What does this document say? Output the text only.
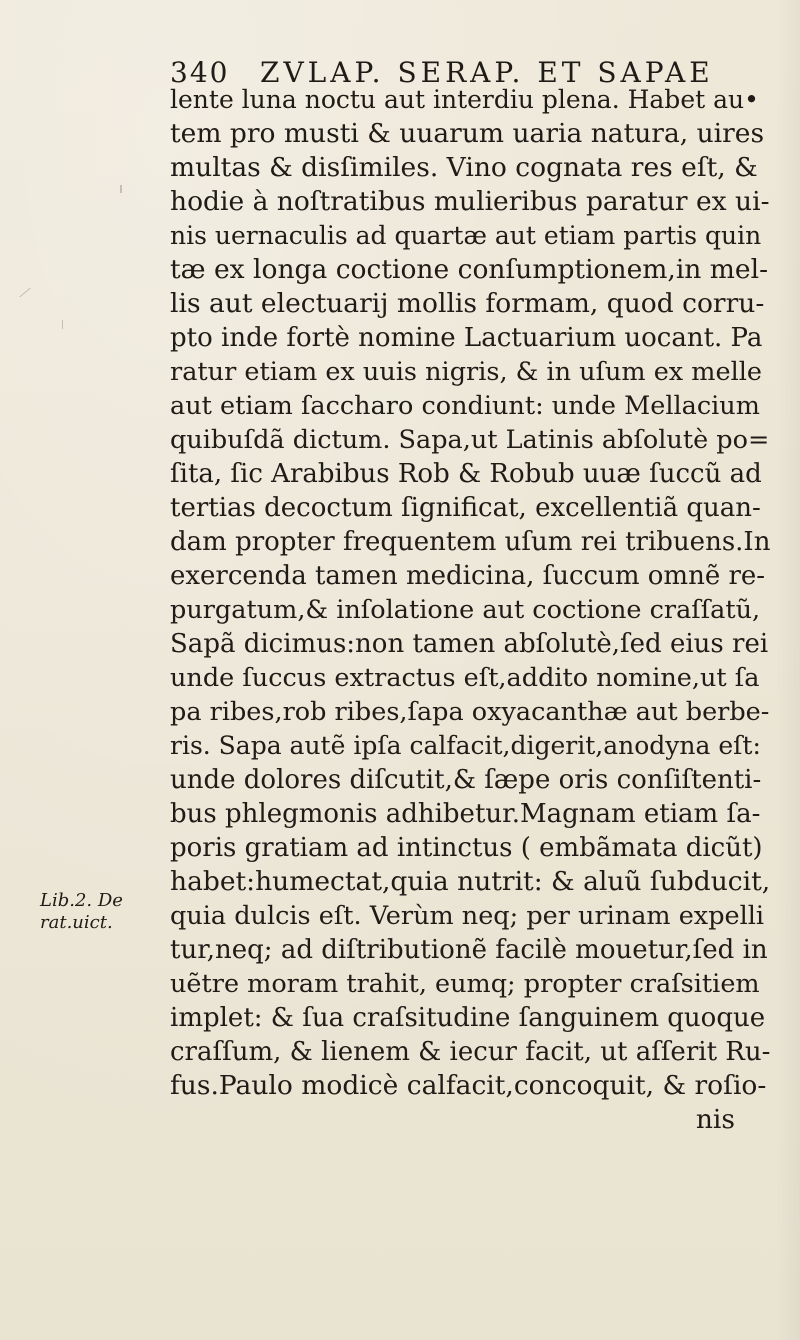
340 ZVLAP. SERAP. ET SAPAE
Lib.2. De
rat.uict.
lente luna noctu aut interdiu plena. Habet au•
tem pro musti & uuarum uaria natura, uires
multas & disſimiles. Vino cognata res eſt, &
hodie à noſtratibus mulieribus paratur ex ui-
nis uernaculis ad quartæ aut etiam partis quin
tæ ex longa coctione conſumptionem,in mel-
lis aut electuarij mollis formam, quod corru-
pto inde fortè nomine Lactuarium uocant. Pa
ratur etiam ex uuis nigris, & in uſum ex melle
aut etiam ſaccharo condiunt: unde Mellacium
quibuſdã dictum. Sapa,ut Latinis abſolutè po=
ſita, ſic Arabibus Rob & Robub uuæ ſuccũ ad
tertias decoctum ſignificat, excellentiã quan-
dam propter frequentem uſum rei tribuens.In
exercenda tamen medicina, ſuccum omnẽ re-
purgatum,& inſolatione aut coctione craſſatũ,
Sapã dicimus:non tamen abſolutè,ſed eius rei
unde ſuccus extractus eſt,addito nomine,ut ſa
pa ribes,rob ribes,ſapa oxyacanthæ aut berbe-
ris. Sapa autẽ ipſa calfacit,digerit,anodyna eſt:
unde dolores diſcutit,& ſæpe oris conſiſtenti-
bus phlegmonis adhibetur.Magnam etiam ſa-
poris gratiam ad intinctus ( embãmata dicũt)
habet:humectat,quia nutrit: & aluũ ſubducit,
quia dulcis eſt. Verùm neq; per urinam expelli
tur,neq; ad diſtributionẽ facilè mouetur,ſed in
uẽtre moram trahit, eumq; propter craſsitiem
implet: & ſua craſsitudine ſanguinem quoque
craſſum, & lienem & iecur facit, ut aſſerit Ru-
fus.Paulo modicè calfacit,concoquit, & roſio-
nis
